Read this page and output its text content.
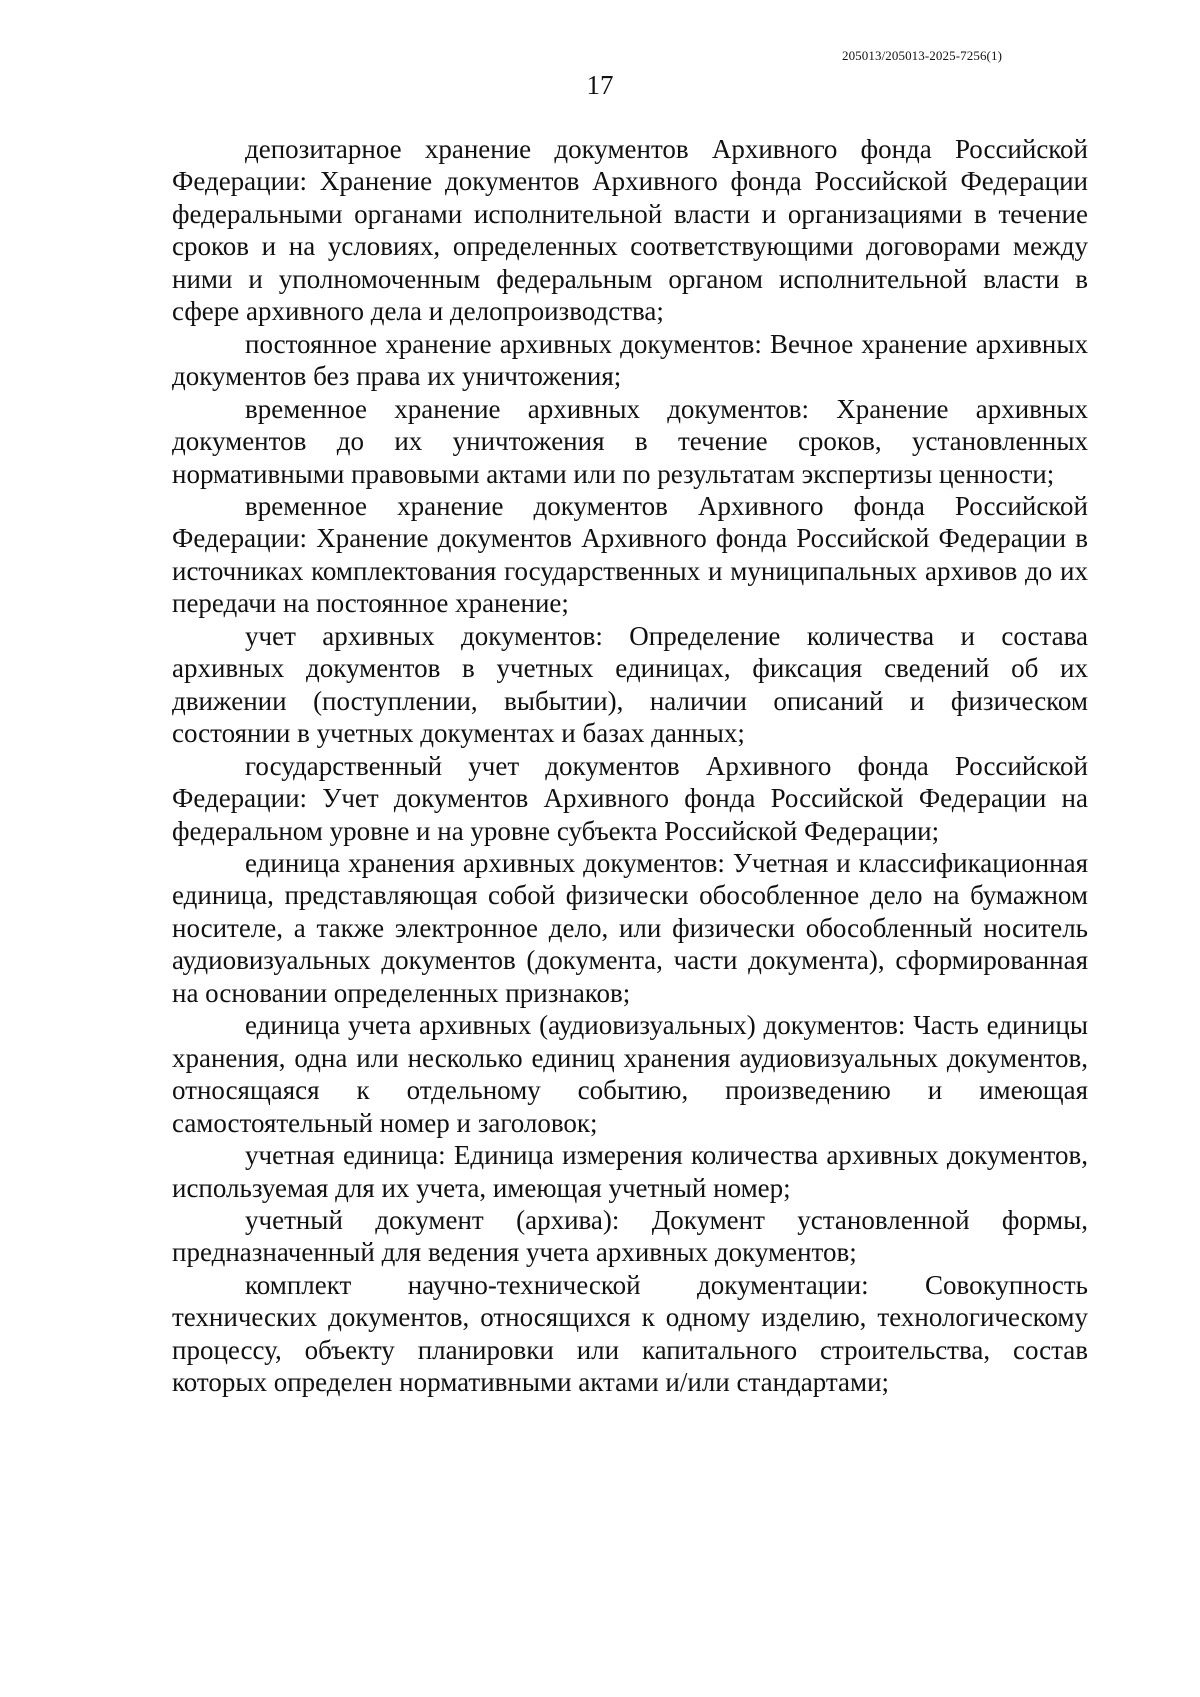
205013/205013-2025-7256(1)
17

депозитарное хранение документов Архивного фонда Российской Федерации: Хранение документов Архивного фонда Российской Федерации федеральными органами исполнительной власти и организациями в течение сроков и на условиях, определенных соответствующими договорами между ними и уполномоченным федеральным органом исполнительной власти в сфере архивного дела и делопроизводства;

постоянное хранение архивных документов: Вечное хранение архивных документов без права их уничтожения;

временное хранение архивных документов: Хранение архивных документов до их уничтожения в течение сроков, установленных нормативными правовыми актами или по результатам экспертизы ценности;

временное хранение документов Архивного фонда Российской Федерации: Хранение документов Архивного фонда Российской Федерации в источниках комплектования государственных и муниципальных архивов до их передачи на постоянное хранение;

учет архивных документов: Определение количества и состава архивных документов в учетных единицах, фиксация сведений об их движении (поступлении, выбытии), наличии описаний и физическом состоянии в учетных документах и базах данных;

государственный учет документов Архивного фонда Российской Федерации: Учет документов Архивного фонда Российской Федерации на федеральном уровне и на уровне субъекта Российской Федерации;

единица хранения архивных документов: Учетная и классификационная единица, представляющая собой физически обособленное дело на бумажном носителе, а также электронное дело, или физически обособленный носитель аудиовизуальных документов (документа, части документа), сформированная на основании определенных признаков;

единица учета архивных (аудиовизуальных) документов: Часть единицы хранения, одна или несколько единиц хранения аудиовизуальных документов, относящаяся к отдельному событию, произведению и имеющая самостоятельный номер и заголовок;

учетная единица: Единица измерения количества архивных документов, используемая для их учета, имеющая учетный номер;

учетный документ (архива): Документ установленной формы, предназначенный для ведения учета архивных документов;

комплект научно-технической документации: Совокупность технических документов, относящихся к одному изделию, технологическому процессу, объекту планировки или капитального строительства, состав которых определен нормативными актами и/или стандартами;
